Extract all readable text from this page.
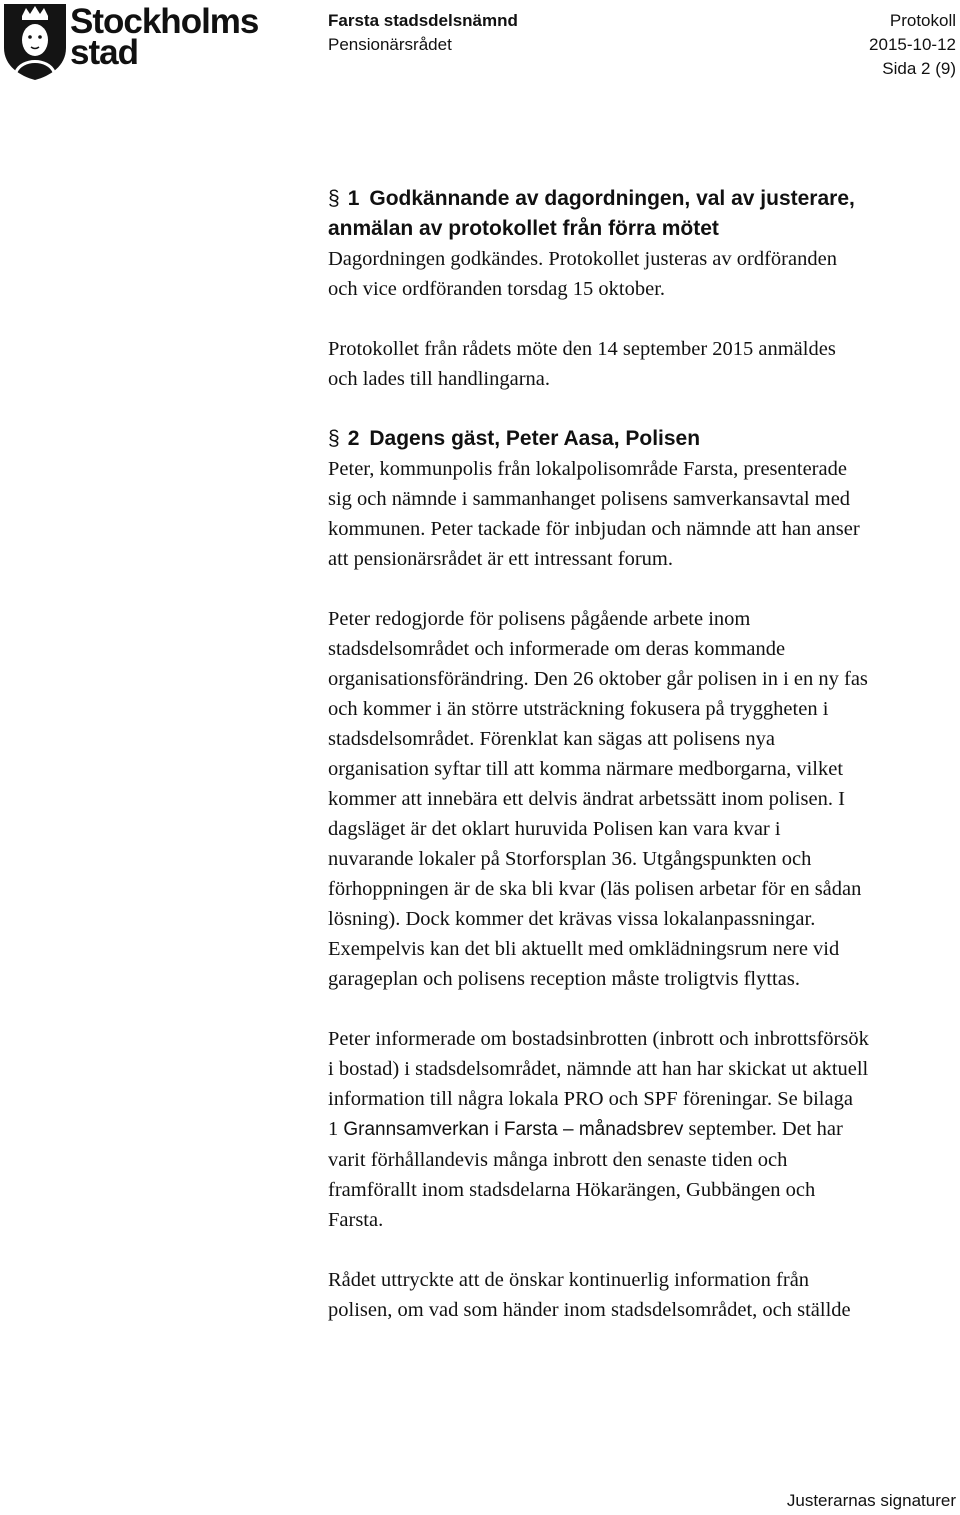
Stockholms
stad
Farsta stadsdelsnämnd
Pensionärsrådet
Protokoll
2015-10-12
Sida 2 (9)
§ 1 Godkännande av dagordningen, val av justerare,
anmälan av protokollet från förra mötet

Dagordningen godkändes. Protokollet justeras av ordföranden
och vice ordföranden torsdag 15 oktober.

Protokollet från rådets möte den 14 september 2015 anmäldes
och lades till handlingarna.

§ 2 Dagens gäst, Peter Aasa, Polisen

Peter, kommunpolis från lokalpolisområde Farsta, presenterade
sig och nämnde i sammanhanget polisens samverkansavtal med
kommunen. Peter tackade för inbjudan och nämnde att han anser
att pensionärsrådet är ett intressant forum.

Peter redogjorde för polisens pågående arbete inom
stadsdelsområdet och informerade om deras kommande
organisationsförändring. Den 26 oktober går polisen in i en ny fas
och kommer i än större utsträckning fokusera på tryggheten i
stadsdelsområdet. Förenklat kan sägas att polisens nya
organisation syftar till att komma närmare medborgarna, vilket
kommer att innebära ett delvis ändrat arbetssätt inom polisen. I
dagsläget är det oklart huruvida Polisen kan vara kvar i
nuvarande lokaler på Storforsplan 36. Utgångspunkten och
förhoppningen är de ska bli kvar (läs polisen arbetar för en sådan
lösning). Dock kommer det krävas vissa lokalanpassningar.
Exempelvis kan det bli aktuellt med omklädningsrum nere vid
garageplan och polisens reception måste troligtvis flyttas.

Peter informerade om bostadsinbrotten (inbrott och inbrottsförsök
i bostad) i stadsdelsområdet, nämnde att han har skickat ut aktuell
information till några lokala PRO och SPF föreningar. Se bilaga
1 Grannsamverkan i Farsta – månadsbrev september. Det har
varit förhållandevis många inbrott den senaste tiden och
framförallt inom stadsdelarna Hökarängen, Gubbängen och
Farsta.

Rådet uttryckte att de önskar kontinuerlig information från
polisen, om vad som händer inom stadsdelsområdet, och ställde

Justerarnas signaturer
